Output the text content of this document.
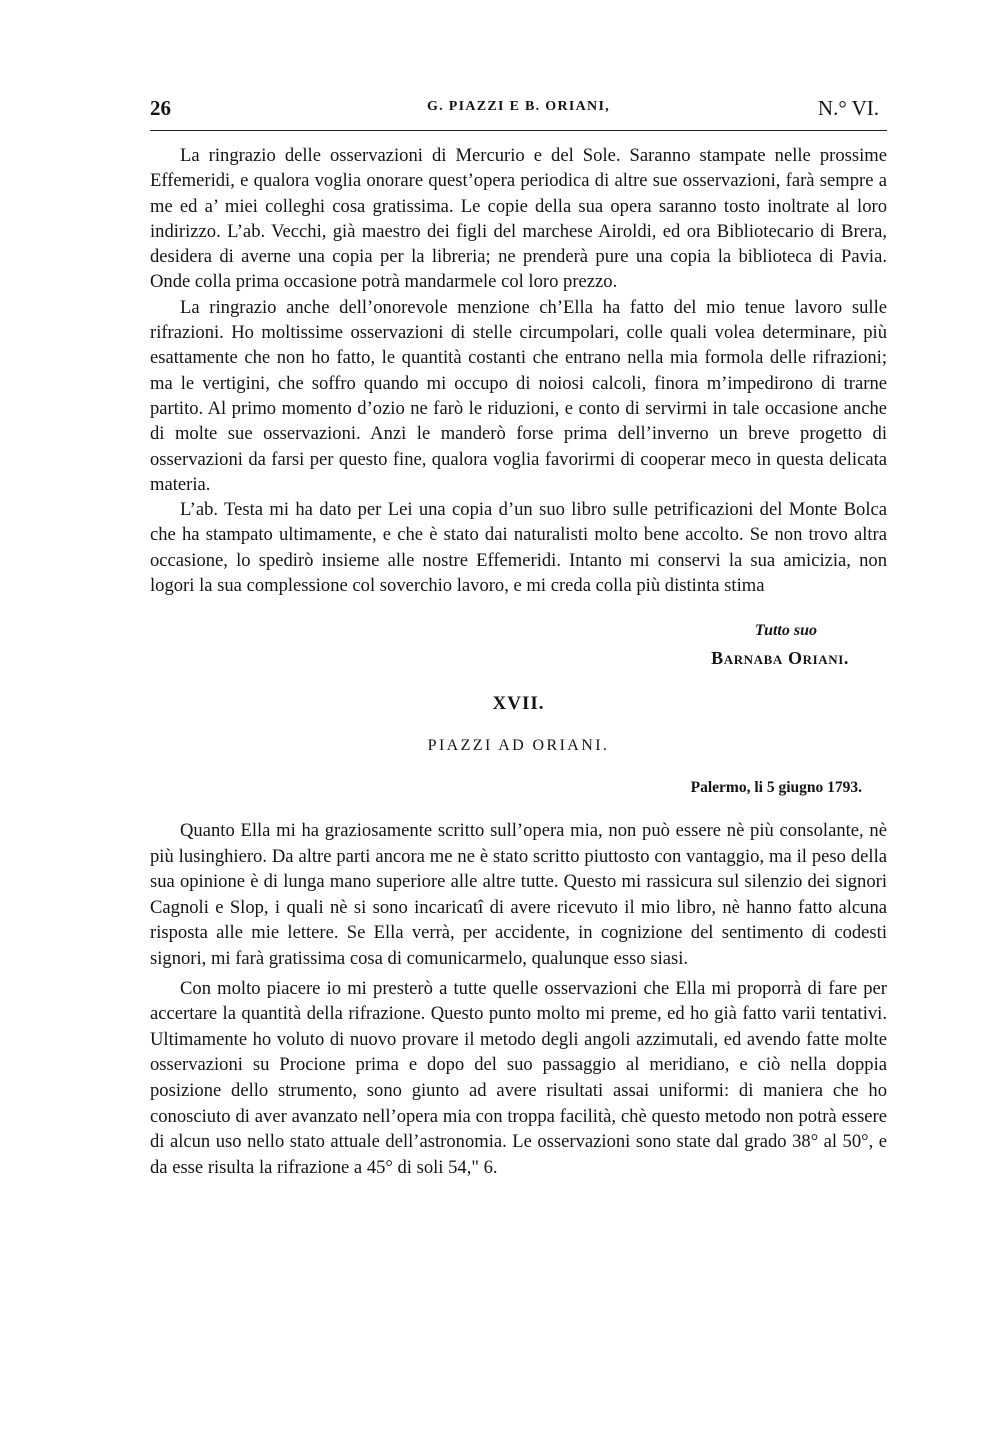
26	G. PIAZZI E B. ORIANI,	N.° VI.

La ringrazio delle osservazioni di Mercurio e del Sole. Saranno stampate nelle prossime Effemeridi, e qualora voglia onorare quest’opera periodica di altre sue osservazioni, farà sempre a me ed a’ miei colleghi cosa gratissima. Le copie della sua opera saranno tosto inoltrate al loro indirizzo. L’ab. Vecchi, già maestro dei figli del marchese Airoldi, ed ora Bibliotecario di Brera, desidera di averne una copia per la libreria; ne prenderà pure una copia la biblioteca di Pavia. Onde colla prima occasione potrà mandarmele col loro prezzo.

La ringrazio anche dell’onorevole menzione ch’Ella ha fatto del mio tenue lavoro sulle rifrazioni. Ho moltissime osservazioni di stelle circumpolari, colle quali volea determinare, più esattamente che non ho fatto, le quantità costanti che entrano nella mia formola delle rifrazioni; ma le vertigini, che soffro quando mi occupo di noiosi calcoli, finora m’impedirono di trarne partito. Al primo momento d’ozio ne farò le riduzioni, e conto di servirmi in tale occasione anche di molte sue osservazioni. Anzi le manderò forse prima dell’inverno un breve progetto di osservazioni da farsi per questo fine, qualora voglia favorirmi di cooperar meco in questa delicata materia.

L’ab. Testa mi ha dato per Lei una copia d’un suo libro sulle petrificazioni del Monte Bolca che ha stampato ultimamente, e che è stato dai naturalisti molto bene accolto. Se non trovo altra occasione, lo spedirò insieme alle nostre Effemeridi. Intanto mi conservi la sua amicizia, non logori la sua complessione col soverchio lavoro, e mi creda colla più distinta stima

Tutto suo
Barnaba Oriani.
XVII.
PIAZZI AD ORIANI.
Palermo, li 5 giugno 1793.

Quanto Ella mi ha graziosamente scritto sull’opera mia, non può essere nè più consolante, nè più lusinghiero. Da altre parti ancora me ne è stato scritto piuttosto con vantaggio, ma il peso della sua opinione è di lunga mano superiore alle altre tutte. Questo mi rassicura sul silenzio dei signori Cagnoli e Slop, i quali nè si sono incaricatî di avere ricevuto il mio libro, nè hanno fatto alcuna risposta alle mie lettere. Se Ella verrà, per accidente, in cognizione del sentimento di codesti signori, mi farà gratissima cosa di comunicarmelo, qualunque esso siasi.

Con molto piacere io mi presterò a tutte quelle osservazioni che Ella mi proporrà di fare per accertare la quantità della rifrazione. Questo punto molto mi preme, ed ho già fatto varii tentativi. Ultimamente ho voluto di nuovo provare il metodo degli angoli azzimutali, ed avendo fatte molte osservazioni su Procione prima e dopo del suo passaggio al meridiano, e ciò nella doppia posizione dello strumento, sono giunto ad avere risultati assai uniformi: di maniera che ho conosciuto di aver avanzato nell’opera mia con troppa facilità, chè questo metodo non potrà essere di alcun uso nello stato attuale dell’astronomia. Le osservazioni sono state dal grado 38° al 50°, e da esse risulta la rifrazione a 45° di soli 54," 6.
